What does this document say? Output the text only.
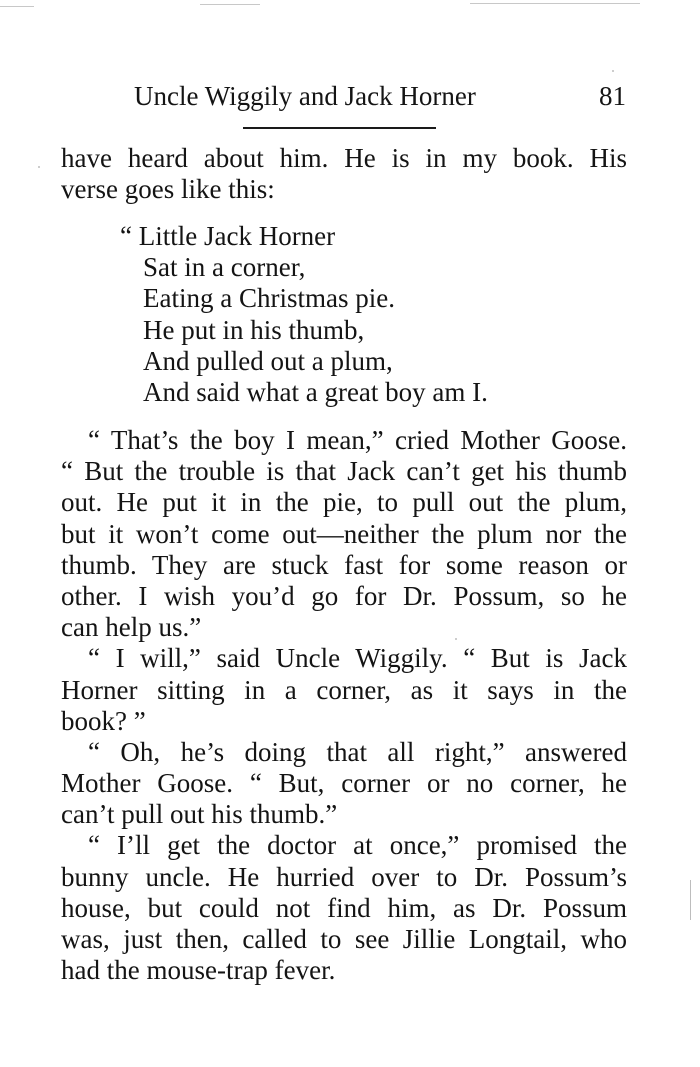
Uncle Wiggily and Jack Horner	81
have heard about him. He is in my book. His
verse goes like this:
“ Little Jack Horner
Sat in a corner,
Eating a Christmas pie.
He put in his thumb,
And pulled out a plum,
And said what a great boy am I.
“ That’s the boy I mean,” cried Mother Goose.
“ But the trouble is that Jack can’t get his thumb
out. He put it in the pie, to pull out the plum,
but it won’t come out—neither the plum nor the
thumb. They are stuck fast for some reason or
other. I wish you’d go for Dr. Possum, so he
can help us.”
“ I will,” said Uncle Wiggily. “ But is Jack
Horner sitting in a corner, as it says in the
book? ”
“ Oh, he’s doing that all right,” answered
Mother Goose. “ But, corner or no corner, he
can’t pull out his thumb.”
“ I’ll get the doctor at once,” promised the
bunny uncle. He hurried over to Dr. Possum’s
house, but could not find him, as Dr. Possum
was, just then, called to see Jillie Longtail, who
had the mouse-trap fever.
